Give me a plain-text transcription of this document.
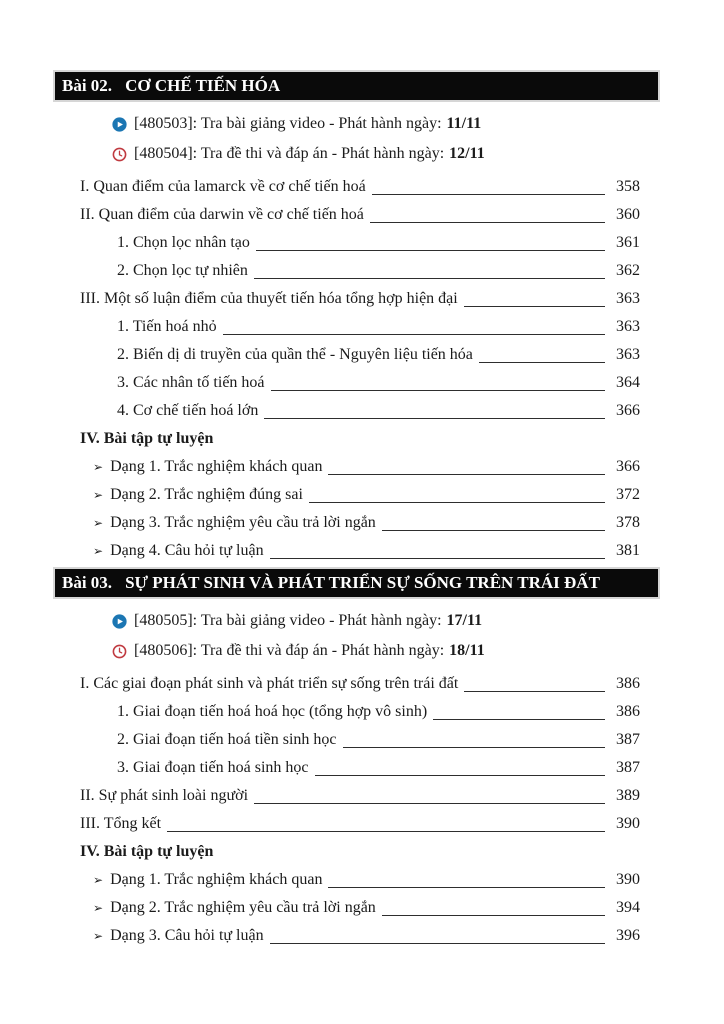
Bài 02. CƠ CHẾ TIẾN HÓA
[480503]: Tra bài giảng video - Phát hành ngày: 11/11
[480504]: Tra đề thi và đáp án - Phát hành ngày: 12/11
I. Quan điểm của lamarck về cơ chế tiến hoá	358
II. Quan điểm của darwin về cơ chế tiến hoá	360
1. Chọn lọc nhân tạo	361
2. Chọn lọc tự nhiên	362
III. Một số luận điểm của thuyết tiến hóa tổng hợp hiện đại	363
1. Tiến hoá nhỏ	363
2. Biến dị di truyền của quần thể - Nguyên liệu tiến hóa	363
3. Các nhân tố tiến hoá	364
4. Cơ chế tiến hoá lớn	366
IV. Bài tập tự luyện
➢ Dạng 1. Trắc nghiệm khách quan	366
➢ Dạng 2. Trắc nghiệm đúng sai	372
➢ Dạng 3. Trắc nghiệm yêu cầu trả lời ngắn	378
➢ Dạng 4. Câu hỏi tự luận	381
Bài 03. SỰ PHÁT SINH VÀ PHÁT TRIỂN SỰ SỐNG TRÊN TRÁI ĐẤT
[480505]: Tra bài giảng video - Phát hành ngày: 17/11
[480506]: Tra đề thi và đáp án - Phát hành ngày: 18/11
I. Các giai đoạn phát sinh và phát triển sự sống trên trái đất	386
1. Giai đoạn tiến hoá hoá học (tổng hợp vô sinh)	386
2. Giai đoạn tiến hoá tiền sinh học	387
3. Giai đoạn tiến hoá sinh học	387
II. Sự phát sinh loài người	389
III. Tổng kết	390
IV. Bài tập tự luyện
➢ Dạng 1. Trắc nghiệm khách quan	390
➢ Dạng 2. Trắc nghiệm yêu cầu trả lời ngắn	394
➢ Dạng 3. Câu hỏi tự luận	396
